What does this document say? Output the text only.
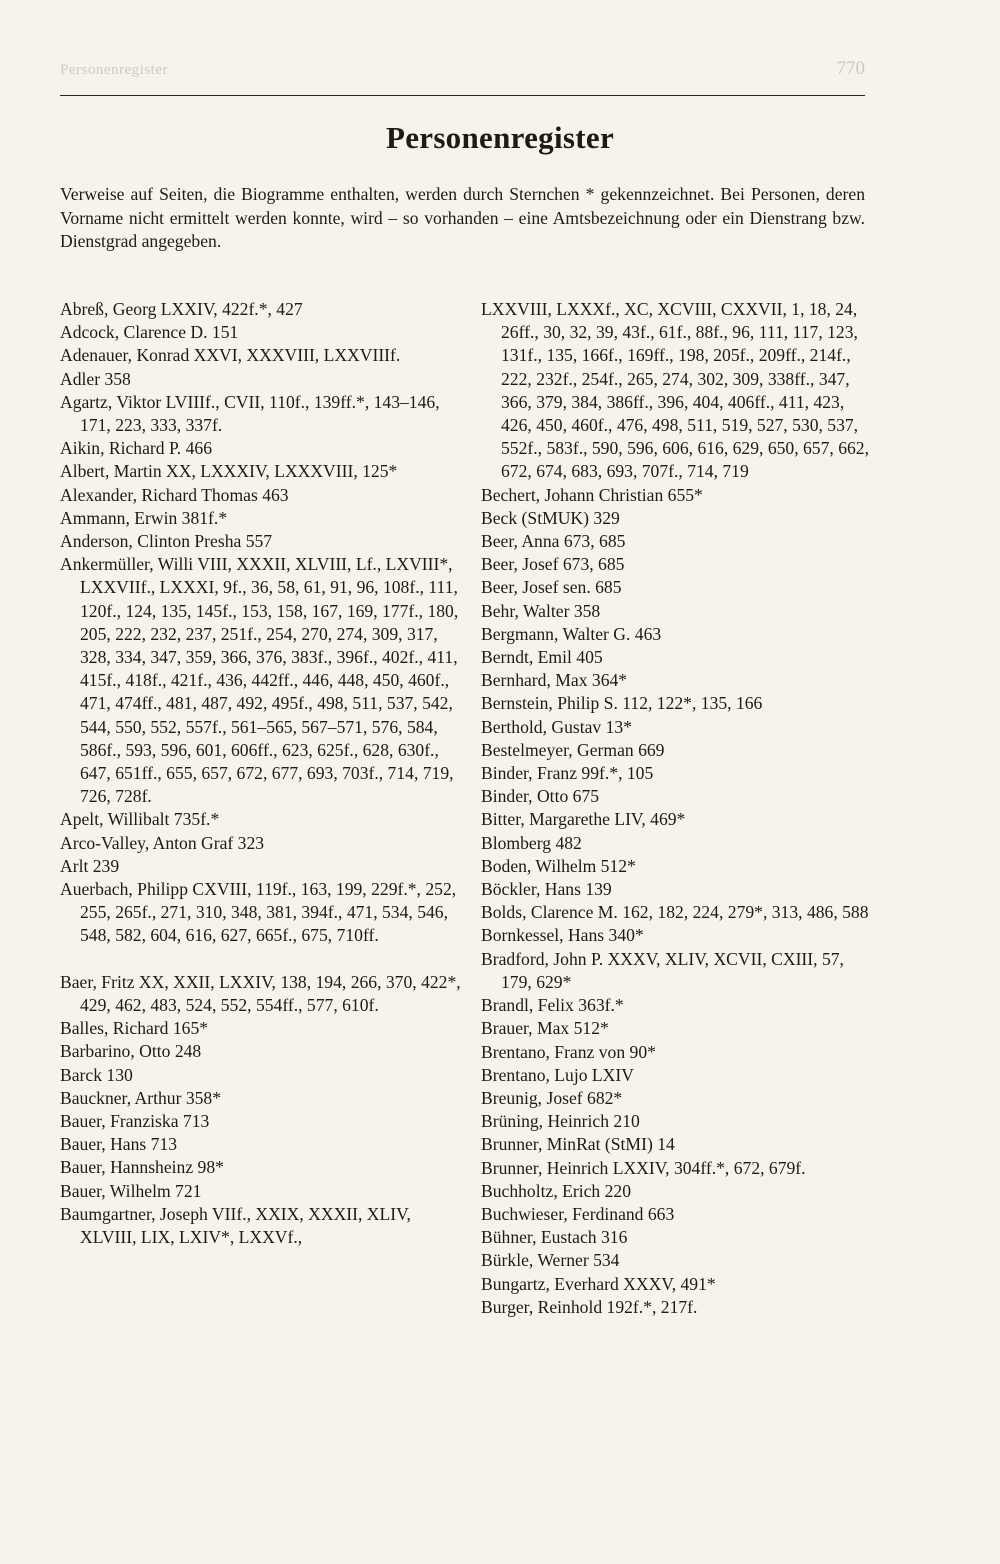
Personenregister	770
Personenregister

Verweise auf Seiten, die Biogramme enthalten, werden durch Sternchen * gekennzeichnet. Bei Personen, deren Vorname nicht ermittelt werden konnte, wird – so vorhanden – eine Amtsbezeichnung oder ein Dienstrang bzw. Dienstgrad angegeben.

Abreß, Georg LXXIV, 422f.*, 427
Adcock, Clarence D. 151
Adenauer, Konrad XXVI, XXXVIII, LXXVIIIf.
Adler 358
Agartz, Viktor LVIIIf., CVII, 110f., 139ff.*, 143–146, 171, 223, 333, 337f.
Aikin, Richard P. 466
Albert, Martin XX, LXXXIV, LXXXVIII, 125*
Alexander, Richard Thomas 463
Ammann, Erwin 381f.*
Anderson, Clinton Presha 557
Ankermüller, Willi VIII, XXXII, XLVIII, Lf., LXVIII*, LXXVIIf., LXXXI, 9f., 36, 58, 61, 91, 96, 108f., 111, 120f., 124, 135, 145f., 153, 158, 167, 169, 177f., 180, 205, 222, 232, 237, 251f., 254, 270, 274, 309, 317, 328, 334, 347, 359, 366, 376, 383f., 396f., 402f., 411, 415f., 418f., 421f., 436, 442ff., 446, 448, 450, 460f., 471, 474ff., 481, 487, 492, 495f., 498, 511, 537, 542, 544, 550, 552, 557f., 561–565, 567–571, 576, 584, 586f., 593, 596, 601, 606ff., 623, 625f., 628, 630f., 647, 651ff., 655, 657, 672, 677, 693, 703f., 714, 719, 726, 728f.
Apelt, Willibalt 735f.*
Arco-Valley, Anton Graf 323
Arlt 239
Auerbach, Philipp CXVIII, 119f., 163, 199, 229f.*, 252, 255, 265f., 271, 310, 348, 381, 394f., 471, 534, 546, 548, 582, 604, 616, 627, 665f., 675, 710ff.
Baer, Fritz XX, XXII, LXXIV, 138, 194, 266, 370, 422*, 429, 462, 483, 524, 552, 554ff., 577, 610f.
Balles, Richard 165*
Barbarino, Otto 248
Barck 130
Bauckner, Arthur 358*
Bauer, Franziska 713
Bauer, Hans 713
Bauer, Hannsheinz 98*
Bauer, Wilhelm 721
Baumgartner, Joseph VIIf., XXIX, XXXII, XLIV, XLVIII, LIX, LXIV*, LXXVf.,
LXXVIII, LXXXf., XC, XCVIII, CXXVII, 1, 18, 24, 26ff., 30, 32, 39, 43f., 61f., 88f., 96, 111, 117, 123, 131f., 135, 166f., 169ff., 198, 205f., 209ff., 214f., 222, 232f., 254f., 265, 274, 302, 309, 338ff., 347, 366, 379, 384, 386ff., 396, 404, 406ff., 411, 423, 426, 450, 460f., 476, 498, 511, 519, 527, 530, 537, 552f., 583f., 590, 596, 606, 616, 629, 650, 657, 662, 672, 674, 683, 693, 707f., 714, 719
Bechert, Johann Christian 655*
Beck (StMUK) 329
Beer, Anna 673, 685
Beer, Josef 673, 685
Beer, Josef sen. 685
Behr, Walter 358
Bergmann, Walter G. 463
Berndt, Emil 405
Bernhard, Max 364*
Bernstein, Philip S. 112, 122*, 135, 166
Berthold, Gustav 13*
Bestelmeyer, German 669
Binder, Franz 99f.*, 105
Binder, Otto 675
Bitter, Margarethe LIV, 469*
Blomberg 482
Boden, Wilhelm 512*
Böckler, Hans 139
Bolds, Clarence M. 162, 182, 224, 279*, 313, 486, 588
Bornkessel, Hans 340*
Bradford, John P. XXXV, XLIV, XCVII, CXIII, 57, 179, 629*
Brandl, Felix 363f.*
Brauer, Max 512*
Brentano, Franz von 90*
Brentano, Lujo LXIV
Breunig, Josef 682*
Brüning, Heinrich 210
Brunner, MinRat (StMI) 14
Brunner, Heinrich LXXIV, 304ff.*, 672, 679f.
Buchholtz, Erich 220
Buchwieser, Ferdinand 663
Bühner, Eustach 316
Bürkle, Werner 534
Bungartz, Everhard XXXV, 491*
Burger, Reinhold 192f.*, 217f.
